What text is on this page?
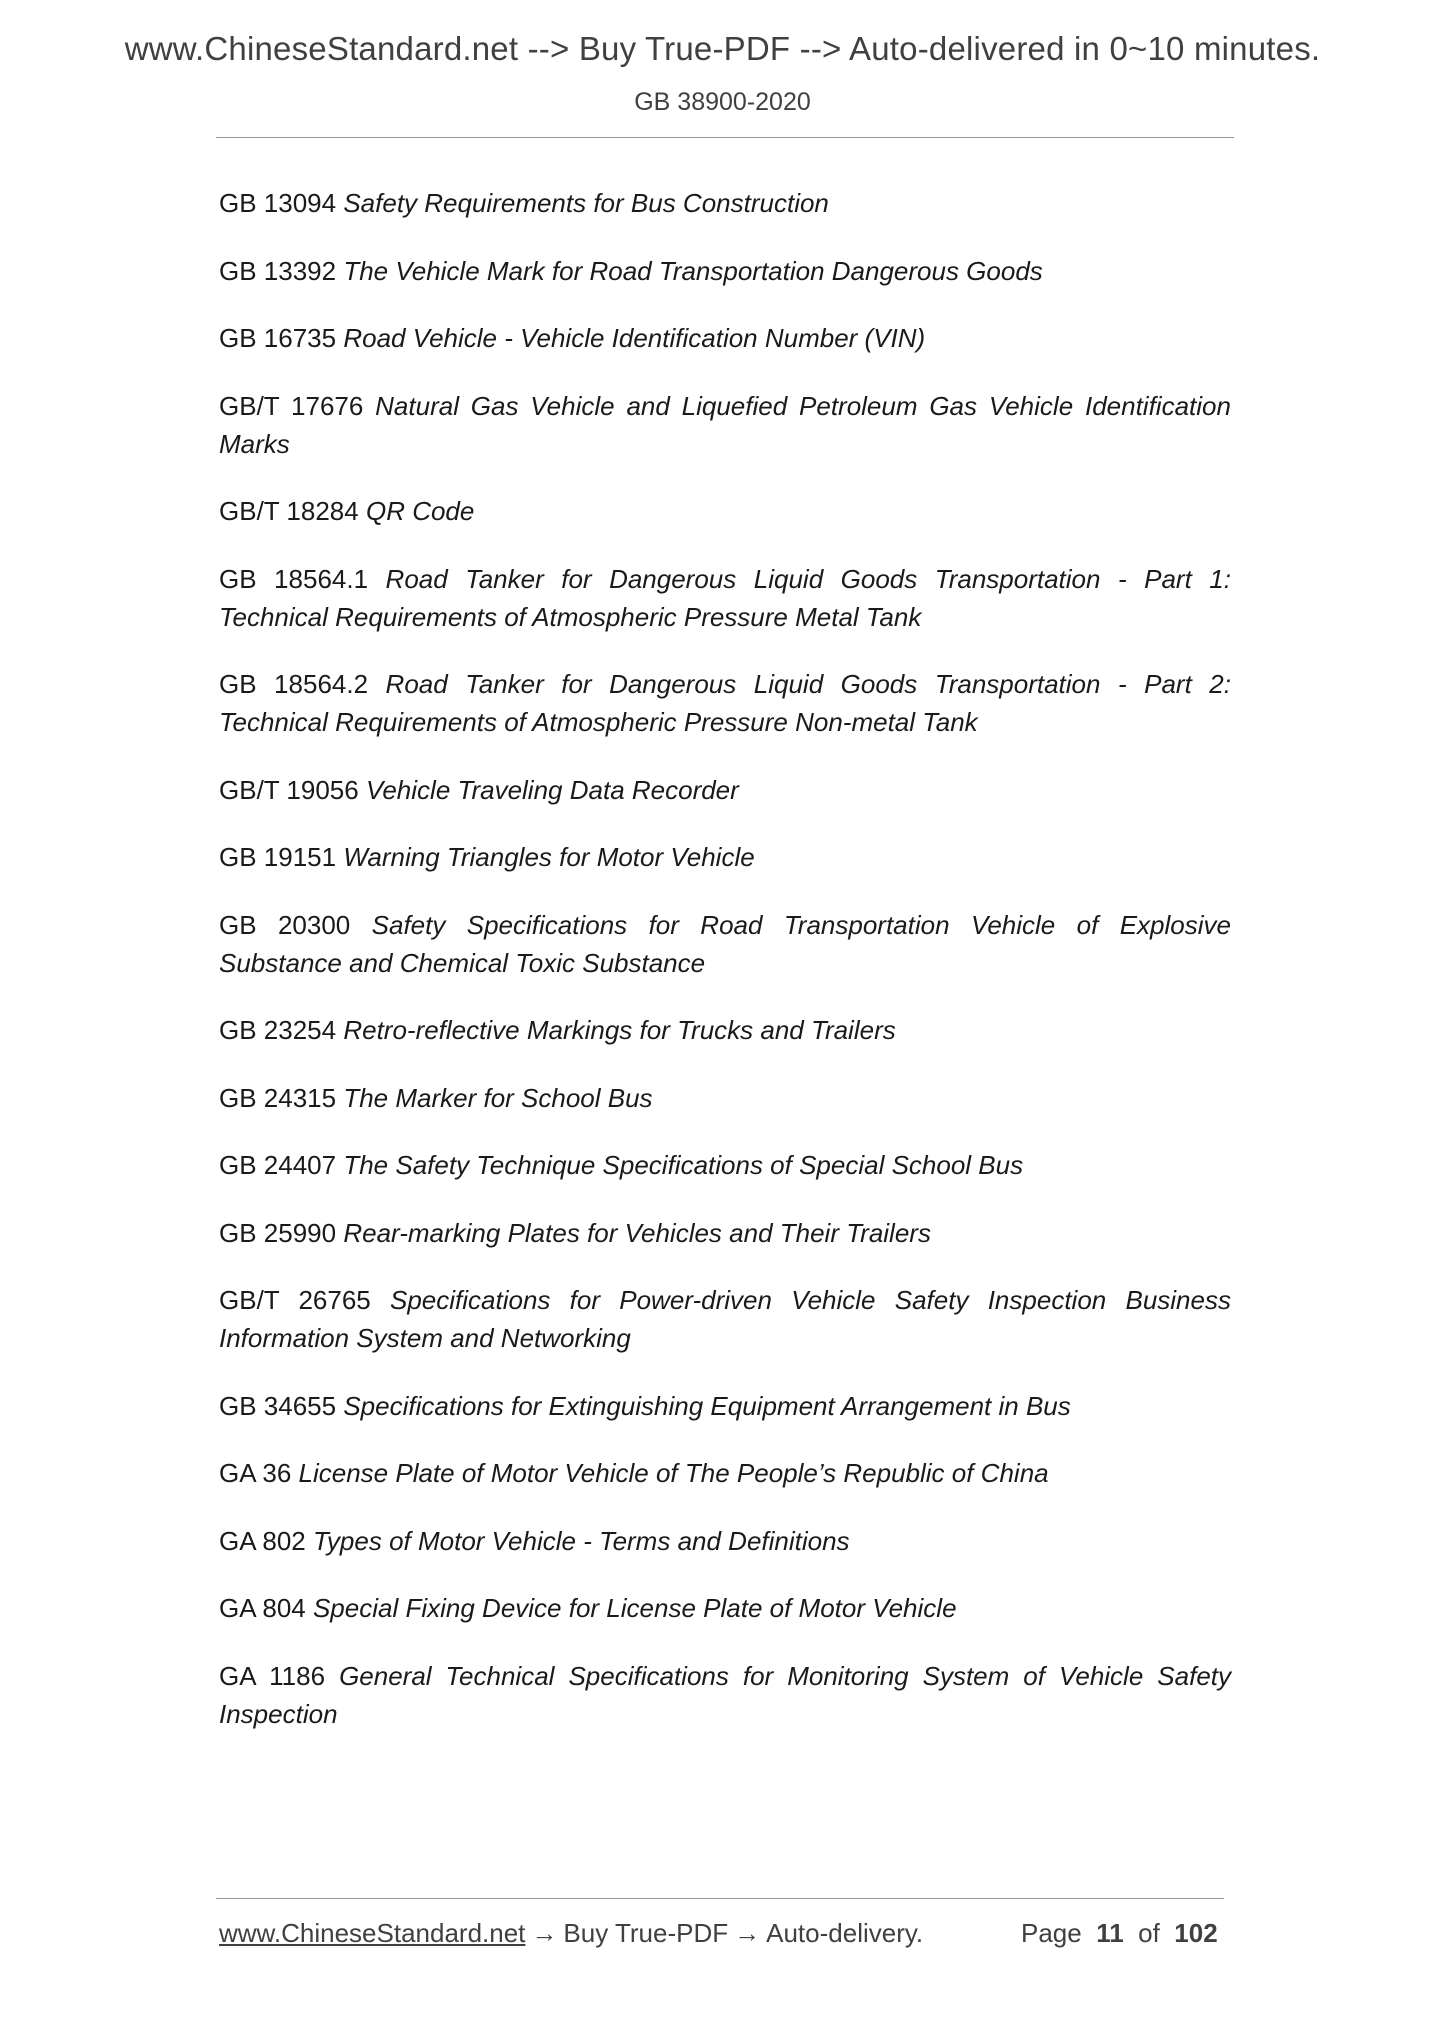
www.ChineseStandard.net --> Buy True-PDF --> Auto-delivered in 0~10 minutes.
GB 38900-2020
GB 13094 Safety Requirements for Bus Construction
GB 13392 The Vehicle Mark for Road Transportation Dangerous Goods
GB 16735 Road Vehicle - Vehicle Identification Number (VIN)
GB/T 17676 Natural Gas Vehicle and Liquefied Petroleum Gas Vehicle Identification Marks
GB/T 18284 QR Code
GB 18564.1 Road Tanker for Dangerous Liquid Goods Transportation - Part 1: Technical Requirements of Atmospheric Pressure Metal Tank
GB 18564.2 Road Tanker for Dangerous Liquid Goods Transportation - Part 2: Technical Requirements of Atmospheric Pressure Non-metal Tank
GB/T 19056 Vehicle Traveling Data Recorder
GB 19151 Warning Triangles for Motor Vehicle
GB 20300 Safety Specifications for Road Transportation Vehicle of Explosive Substance and Chemical Toxic Substance
GB 23254 Retro-reflective Markings for Trucks and Trailers
GB 24315 The Marker for School Bus
GB 24407 The Safety Technique Specifications of Special School Bus
GB 25990 Rear-marking Plates for Vehicles and Their Trailers
GB/T 26765 Specifications for Power-driven Vehicle Safety Inspection Business Information System and Networking
GB 34655 Specifications for Extinguishing Equipment Arrangement in Bus
GA 36 License Plate of Motor Vehicle of The People’s Republic of China
GA 802 Types of Motor Vehicle - Terms and Definitions
GA 804 Special Fixing Device for License Plate of Motor Vehicle
GA 1186 General Technical Specifications for Monitoring System of Vehicle Safety Inspection
www.ChineseStandard.net → Buy True-PDF → Auto-delivery.	Page 11 of 102
